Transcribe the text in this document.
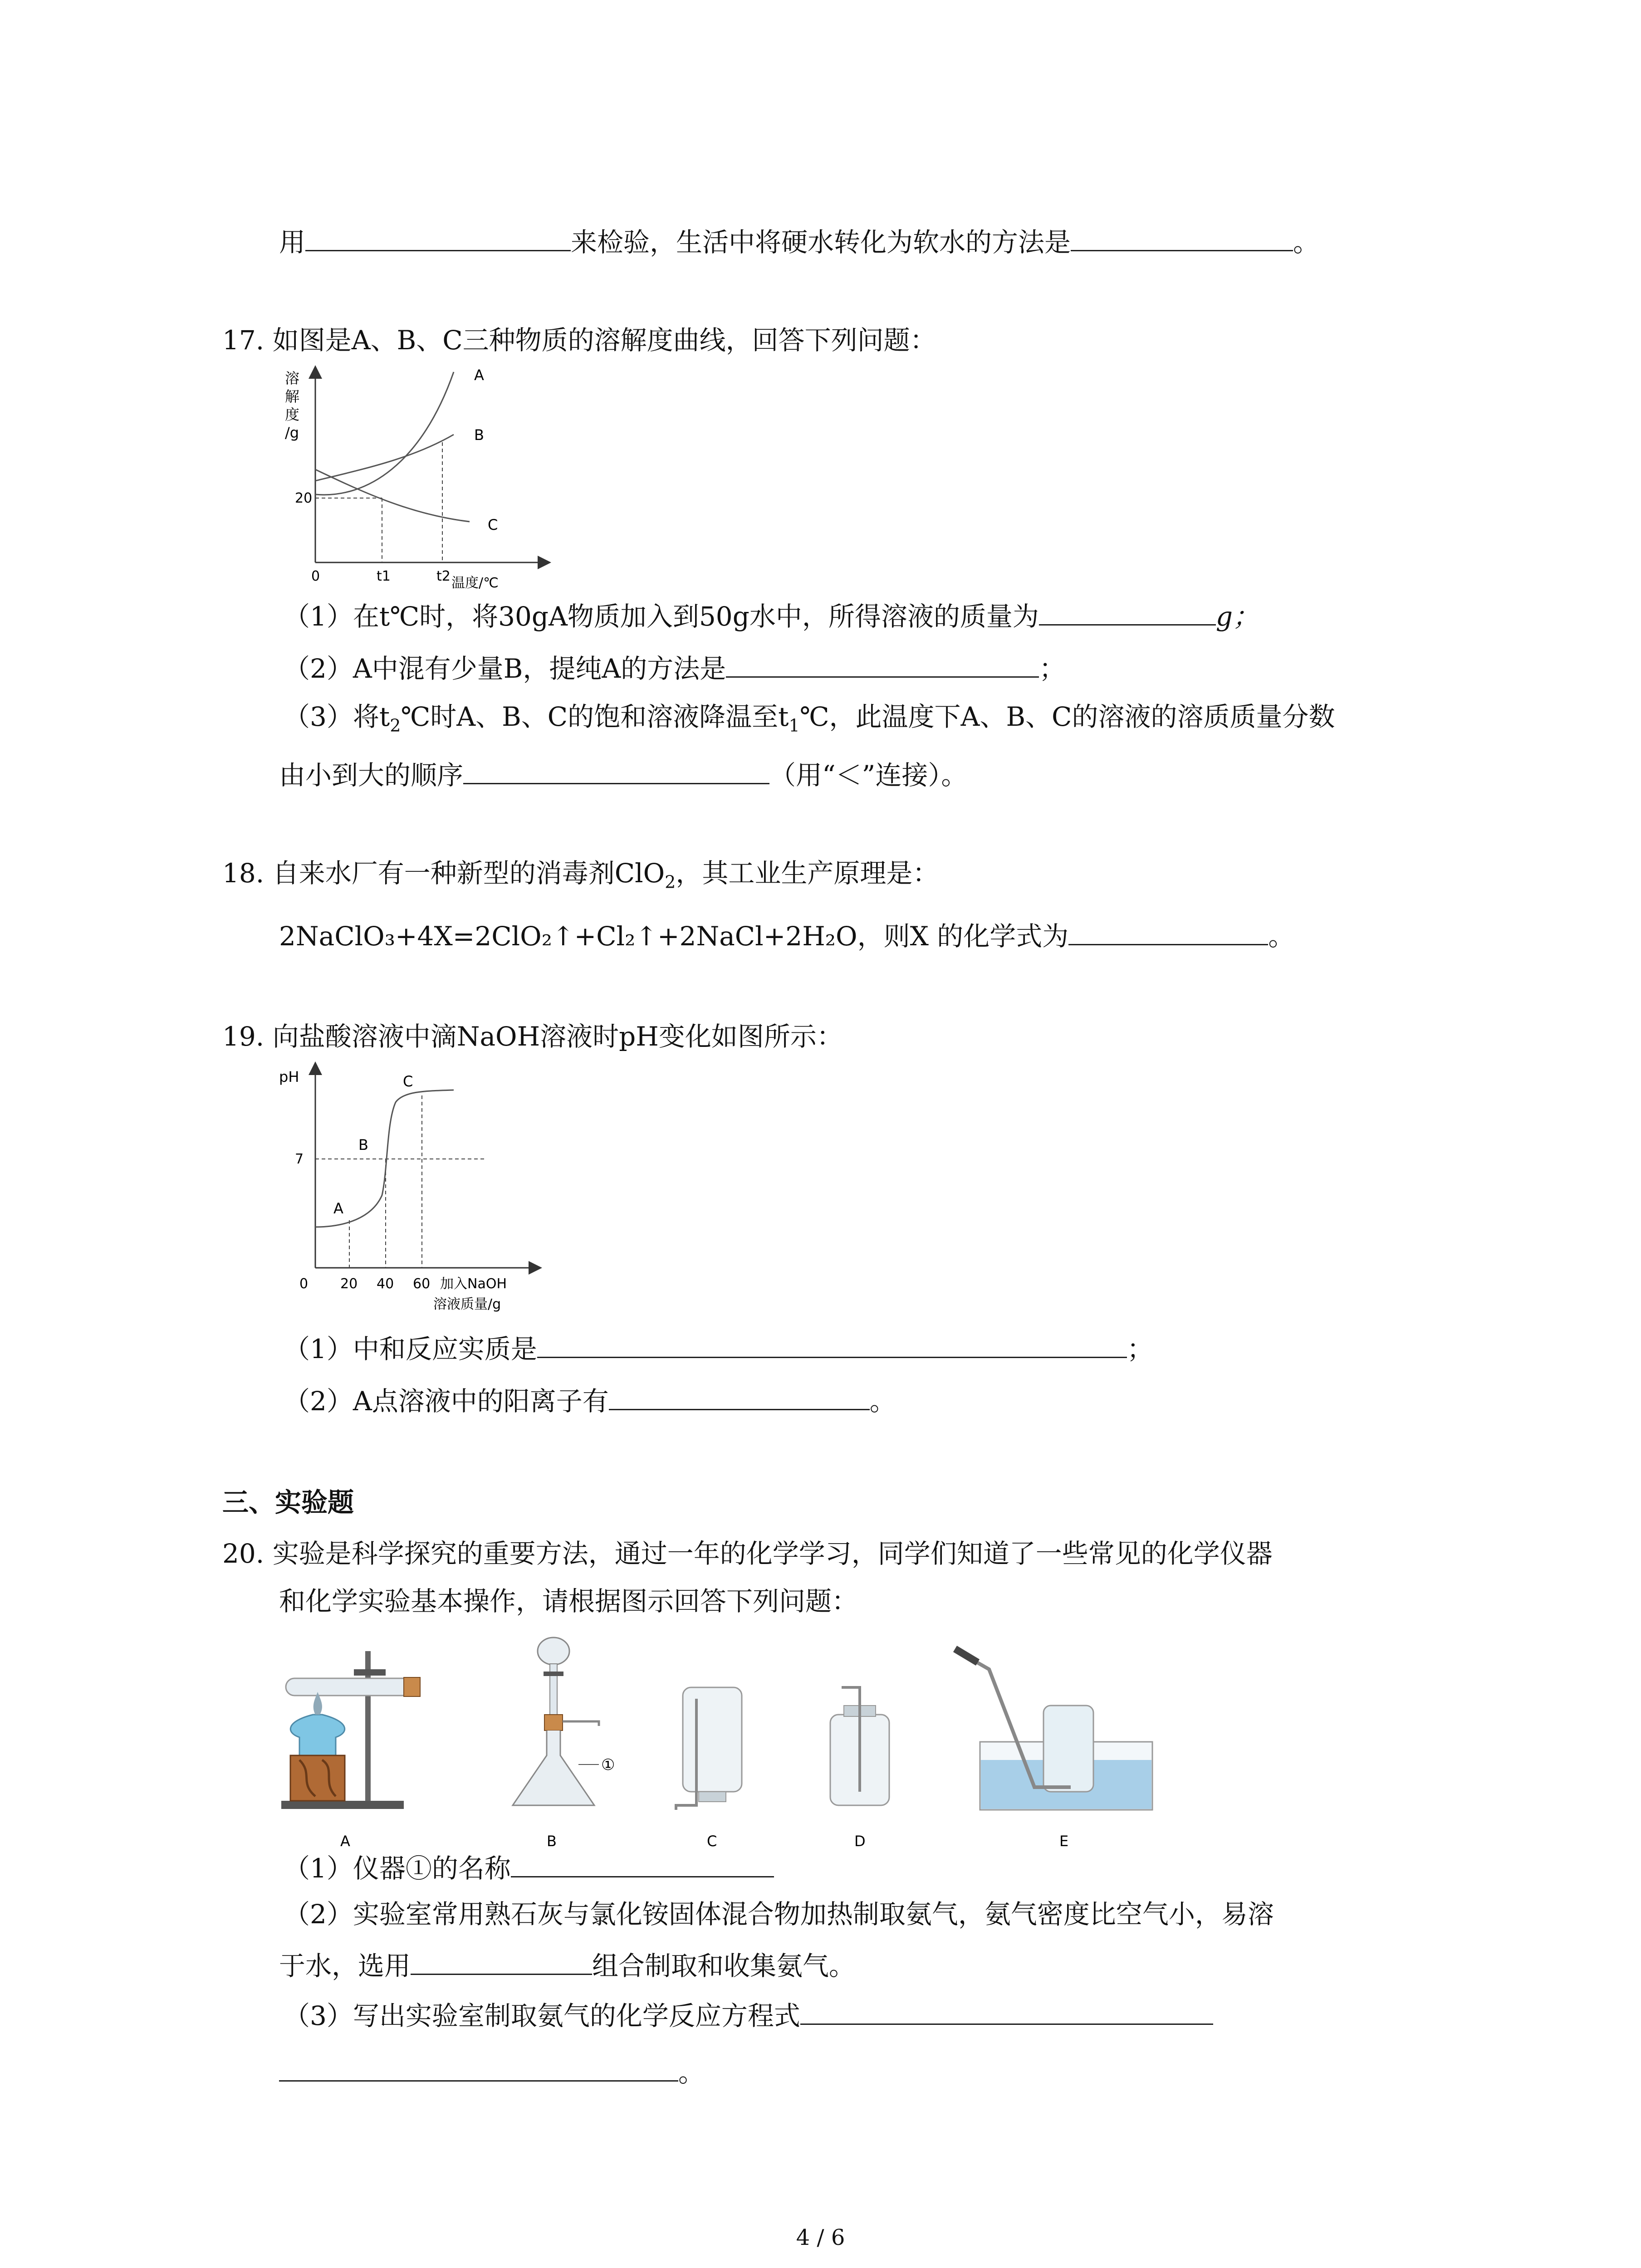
用	来检验，生活中将硬水转化为软水的方法是	。
17. 如图是A、B、C三种物质的溶解度曲线，回答下列问题：
溶
解
度
/g
20
A
B
C
0	t1	t2 温度/℃
（1）在t℃时，将30gA物质加入到50g水中，所得溶液的质量为	g；
（2）A中混有少量B，提纯A的方法是	；
（3）将$t_2℃$时A、B、C的饱和溶液降温至$t_1℃$，此温度下A、B、C的溶液的溶质质量分数
由小到大的顺序	（用“＜”连接）。
18. 自来水厂有一种新型的消毒剂ClO$_2$，其工业生产原理是：
2NaClO₃+4X=2ClO₂↑+Cl₂↑+2NaCl+2H₂O，则X 的化学式为	。
19. 向盐酸溶液中滴NaOH溶液时pH变化如图所示：
pH
7
A
B
C
0 20 40 60 加入NaOH
溶液质量/g
（1）中和反应实质是	；
（2）A点溶液中的阳离子有	。
三、实验题
20. 实验是科学探究的重要方法，通过一年的化学学习，同学们知道了一些常见的化学仪器
和化学实验基本操作，请根据图示回答下列问题：
A
①
B	C	D	E
（1）仪器①的名称
（2）实验室常用熟石灰与氯化铵固体混合物加热制取氨气，氨气密度比空气小，易溶
于水，选用	组合制取和收集氨气。
（3）写出实验室制取氨气的化学反应方程式
。
4 / 6
